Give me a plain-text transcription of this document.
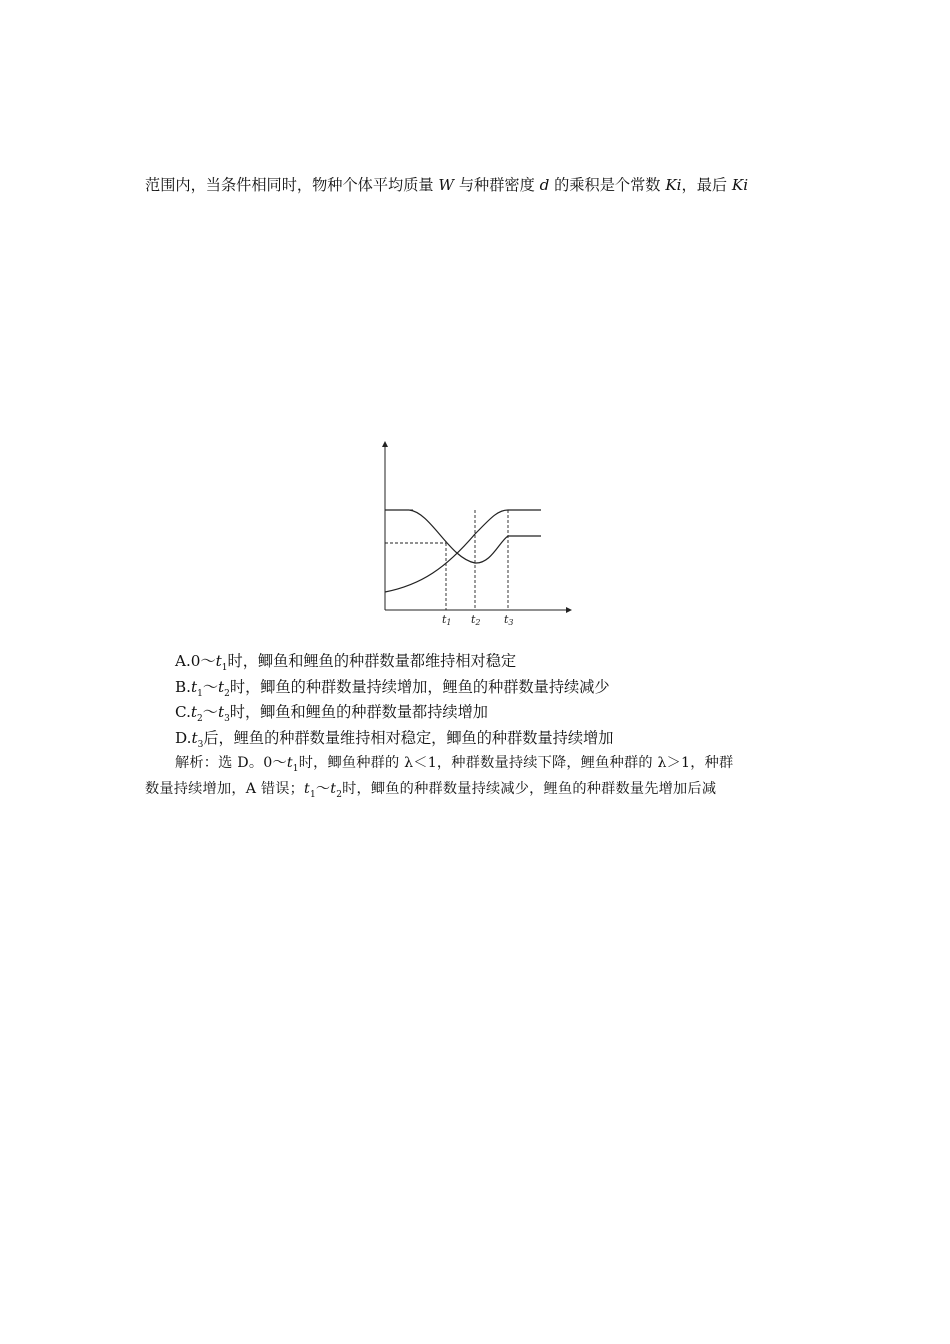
范围内，当条件相同时，物种个体平均质量 W 与种群密度 d 的乘积是个常数 Ki，最后 Ki
t1 t2 t3
$A.0\sim t_1$时，鲫鱼和鲤鱼的种群数量都维持相对稳定
$B.t_1\sim t_2$时，鲫鱼的种群数量持续增加，鲤鱼的种群数量持续减少
$C.t_2\sim t_3$时，鲫鱼和鲤鱼的种群数量都持续增加
$D.t_3$后，鲤鱼的种群数量维持相对稳定，鲫鱼的种群数量持续增加
解析：选 D。$0\sim t_1$时，鲫鱼种群的 λ＜1，种群数量持续下降，鲤鱼种群的 λ＞1，种群
数量持续增加，A 错误；$t_1\sim t_2$时，鲫鱼的种群数量持续减少，鲤鱼的种群数量先增加后减
